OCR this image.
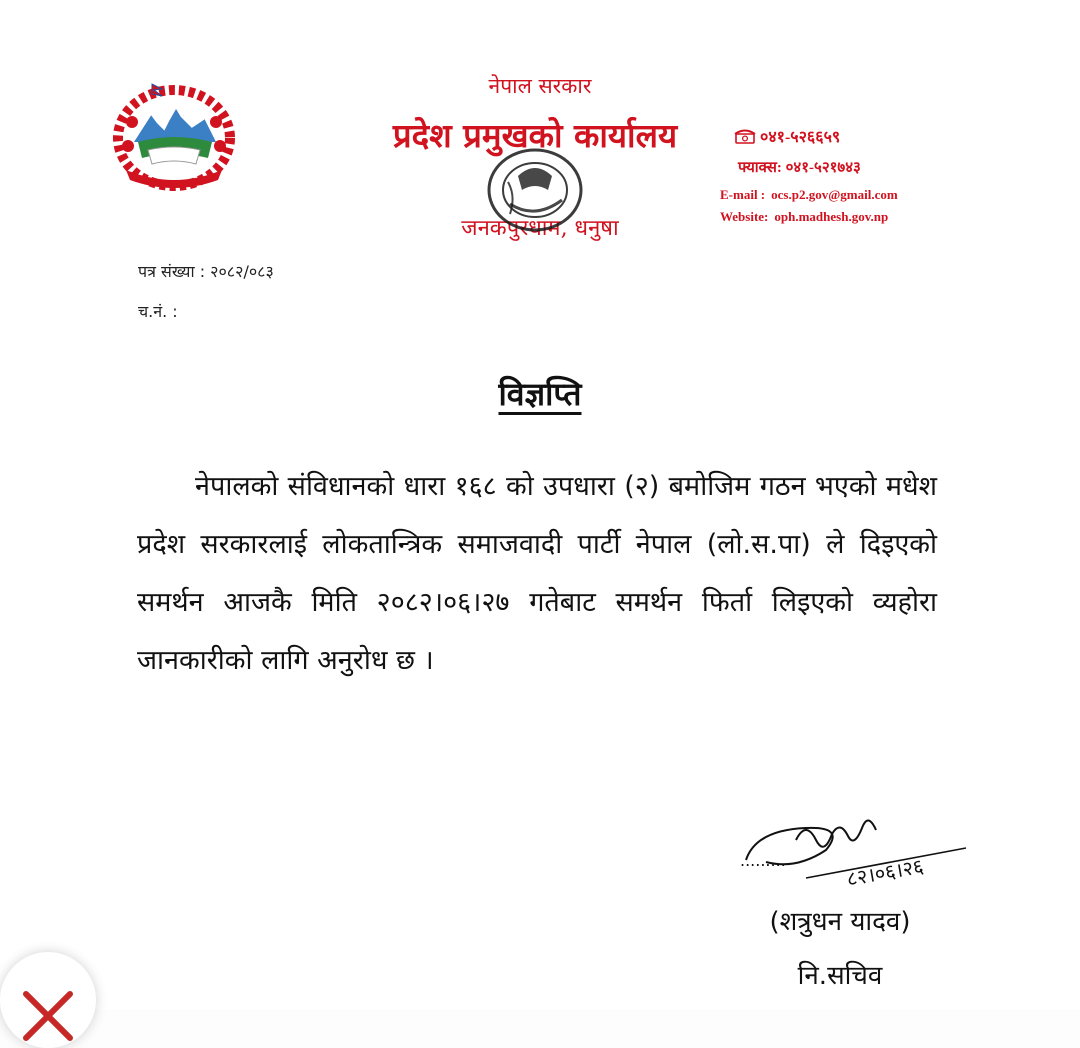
नेपाल सरकार
प्रदेश प्रमुखको कार्यालय
जनकपुरधाम, धनुषा
०४१-५२६६५९
फ्याक्स: ०४१-५२१७४३
E-mail : ocs.p2.gov@gmail.com
Website: oph.madhesh.gov.np
पत्र संख्या : २०८२/०८३
च.नं. :
विज्ञप्ति
नेपालको संविधानको धारा १६८ को उपधारा (२) बमोजिम गठन भएको मधेश प्रदेश सरकारलाई लोकतान्त्रिक समाजवादी पार्टी नेपाल (लो.स.पा) ले दिइएको समर्थन आजकै मिति २०८२।०६।२७ गतेबाट समर्थन फिर्ता लिइएको व्यहोरा जानकारीको लागि अनुरोध छ ।
.........	८२।०६।२६
(शत्रुधन यादव)
नि.सचिव
